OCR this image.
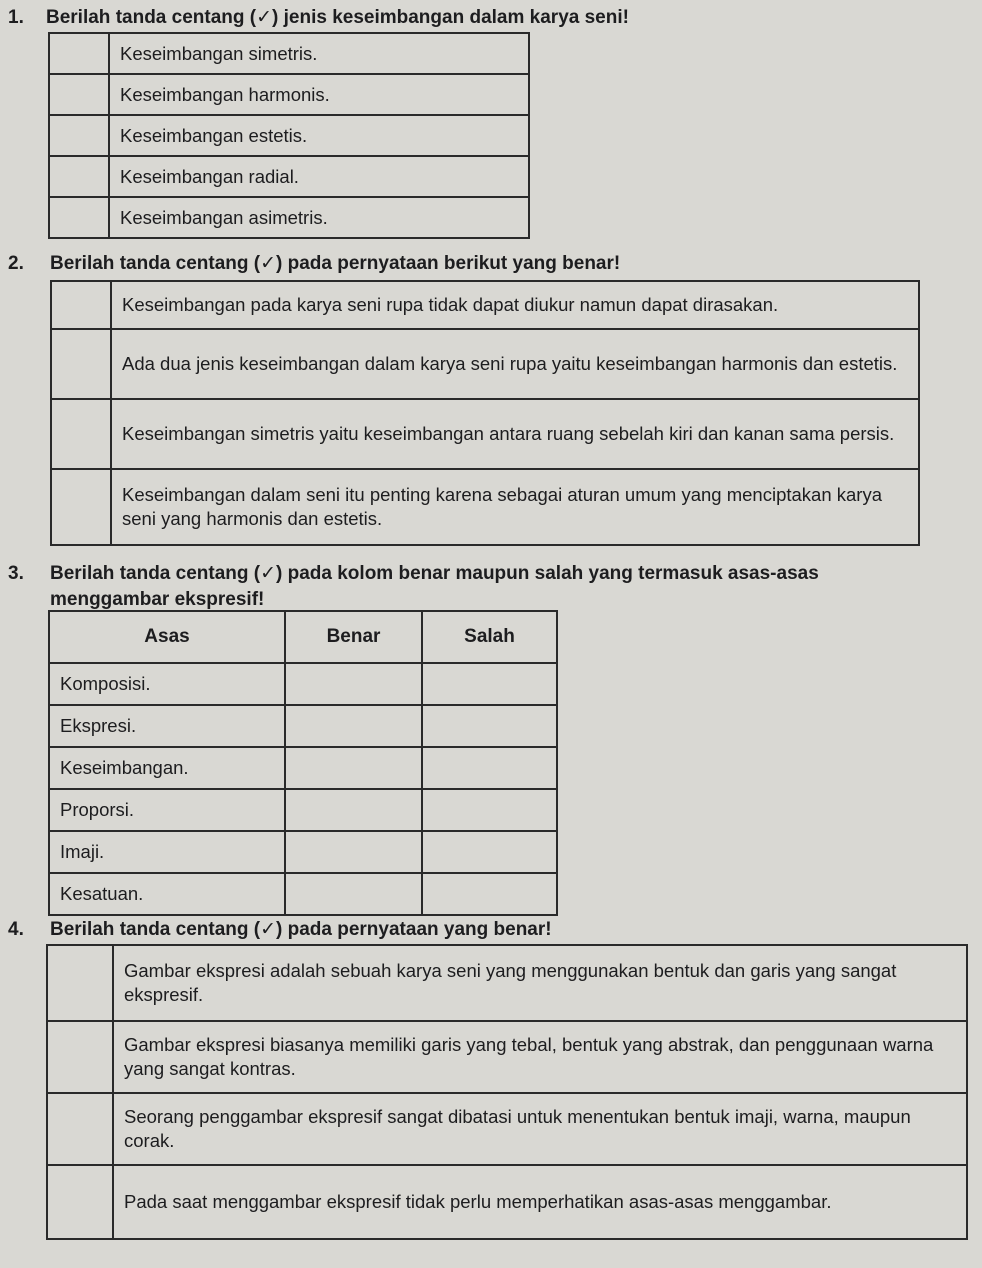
1. Berilah tanda centang (✓) jenis keseimbangan dalam karya seni!
	Keseimbangan simetris.
	Keseimbangan harmonis.
	Keseimbangan estetis.
	Keseimbangan radial.
	Keseimbangan asimetris.
2. Berilah tanda centang (✓) pada pernyataan berikut yang benar!
	Keseimbangan pada karya seni rupa tidak dapat diukur namun dapat dirasakan.
	Ada dua jenis keseimbangan dalam karya seni rupa yaitu keseimbangan harmonis dan estetis.
	Keseimbangan simetris yaitu keseimbangan antara ruang sebelah kiri dan kanan sama persis.
	Keseimbangan dalam seni itu penting karena sebagai aturan umum yang menciptakan karya seni yang harmonis dan estetis.
3. Berilah tanda centang (✓) pada kolom benar maupun salah yang termasuk asas-asas
menggambar ekspresif!
Asas	Benar	Salah
Komposisi.		
Ekspresi.		
Keseimbangan.		
Proporsi.		
Imaji.		
Kesatuan.		
4. Berilah tanda centang (✓) pada pernyataan yang benar!
	Gambar ekspresi adalah sebuah karya seni yang menggunakan bentuk dan garis yang sangat ekspresif.
	Gambar ekspresi biasanya memiliki garis yang tebal, bentuk yang abstrak, dan penggunaan warna yang sangat kontras.
	Seorang penggambar ekspresif sangat dibatasi untuk menentukan bentuk imaji, warna, maupun corak.
	Pada saat menggambar ekspresif tidak perlu memperhatikan asas-asas menggambar.
